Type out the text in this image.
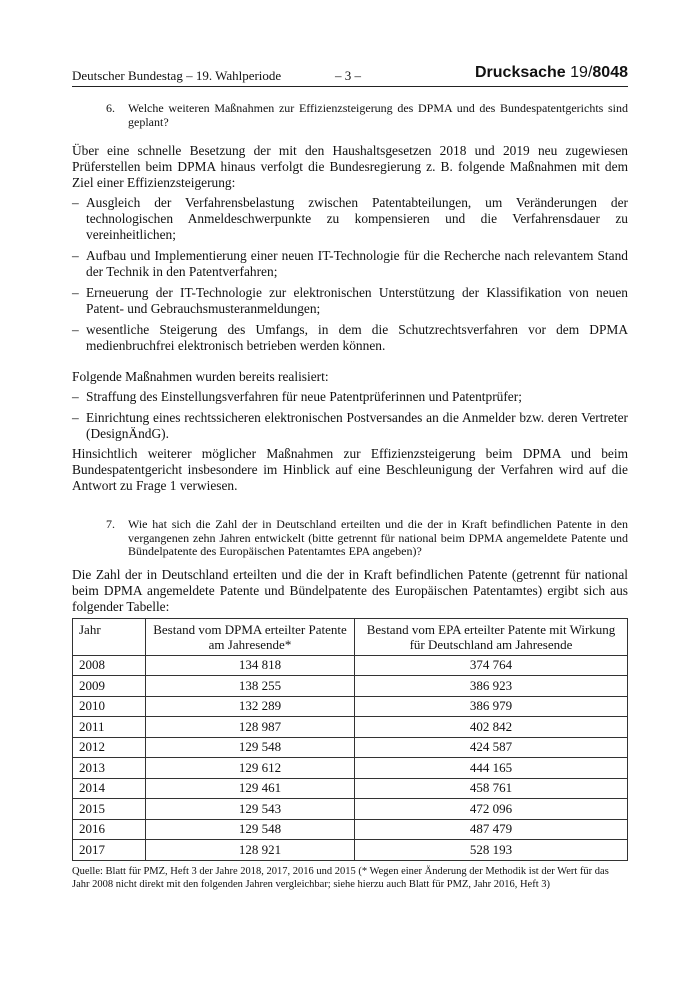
Deutscher Bundestag – 19. Wahlperiode	– 3 –	Drucksache 19/8048
6.	Welche weiteren Maßnahmen zur Effizienzsteigerung des DPMA und des Bundespatentgerichts sind geplant?

Über eine schnelle Besetzung der mit den Haushaltsgesetzen 2018 und 2019 neu zugewiesen Prüferstellen beim DPMA hinaus verfolgt die Bundesregierung z. B. folgende Maßnahmen mit dem Ziel einer Effizienzsteigerung:

– Ausgleich der Verfahrensbelastung zwischen Patentabteilungen, um Veränderungen der technologischen Anmeldeschwerpunkte zu kompensieren und die Verfahrensdauer zu vereinheitlichen;
– Aufbau und Implementierung einer neuen IT-Technologie für die Recherche nach relevantem Stand der Technik in den Patentverfahren;
– Erneuerung der IT-Technologie zur elektronischen Unterstützung der Klassifikation von neuen Patent- und Gebrauchsmusteranmeldungen;
– wesentliche Steigerung des Umfangs, in dem die Schutzrechtsverfahren vor dem DPMA medienbruchfrei elektronisch betrieben werden können.

Folgende Maßnahmen wurden bereits realisiert:

– Straffung des Einstellungsverfahren für neue Patentprüferinnen und Patentprüfer;
– Einrichtung eines rechtssicheren elektronischen Postversandes an die Anmelder bzw. deren Vertreter (DesignÄndG).

Hinsichtlich weiterer möglicher Maßnahmen zur Effizienzsteigerung beim DPMA und beim Bundespatentgericht insbesondere im Hinblick auf eine Beschleunigung der Verfahren wird auf die Antwort zu Frage 1 verwiesen.

7.	Wie hat sich die Zahl der in Deutschland erteilten und die der in Kraft befindlichen Patente in den vergangenen zehn Jahren entwickelt (bitte getrennt für national beim DPMA angemeldete Patente und Bündelpatente des Europäischen Patentamtes EPA angeben)?

Die Zahl der in Deutschland erteilten und die der in Kraft befindlichen Patente (getrennt für national beim DPMA angemeldete Patente und Bündelpatente des Europäischen Patentamtes) ergibt sich aus folgender Tabelle:

Jahr	Bestand vom DPMA erteilter Patente am Jahresende*	Bestand vom EPA erteilter Patente mit Wirkung für Deutschland am Jahresende
2008	134 818	374 764
2009	138 255	386 923
2010	132 289	386 979
2011	128 987	402 842
2012	129 548	424 587
2013	129 612	444 165
2014	129 461	458 761
2015	129 543	472 096
2016	129 548	487 479
2017	128 921	528 193
Quelle: Blatt für PMZ, Heft 3 der Jahre 2018, 2017, 2016 und 2015 (* Wegen einer Änderung der Methodik ist der Wert für das Jahr 2008 nicht direkt mit den folgenden Jahren vergleichbar; siehe hierzu auch Blatt für PMZ, Jahr 2016, Heft 3)
